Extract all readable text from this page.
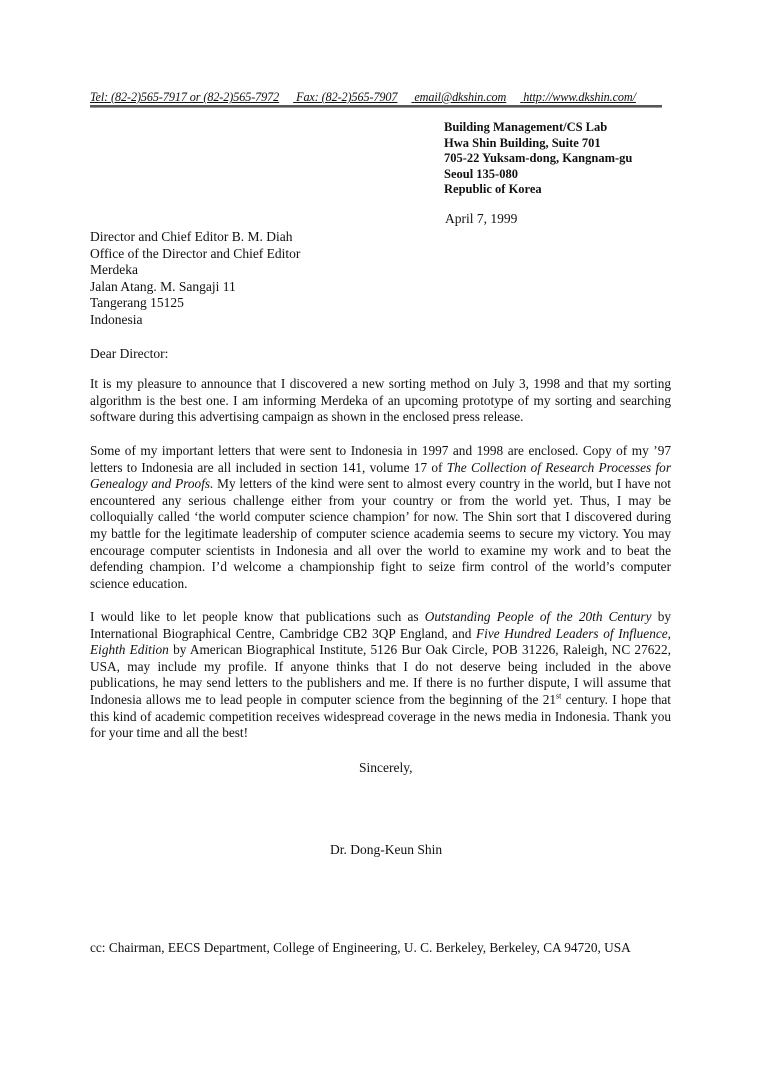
Tel: (82-2)565-7917 or (82-2)565-7972 Fax: (82-2)565-7907 email@dkshin.com http://www.dkshin.com/
Building Management/CS Lab
Hwa Shin Building, Suite 701
705-22 Yuksam-dong, Kangnam-gu
Seoul 135-080
Republic of Korea
April 7, 1999
Director and Chief Editor B. M. Diah
Office of the Director and Chief Editor
Merdeka
Jalan Atang. M. Sangaji 11
Tangerang 15125
Indonesia
Dear Director:
It is my pleasure to announce that I discovered a new sorting method on July 3, 1998 and that my sorting algorithm is the best one. I am informing Merdeka of an upcoming prototype of my sorting and searching software during this advertising campaign as shown in the enclosed press release.
Some of my important letters that were sent to Indonesia in 1997 and 1998 are enclosed. Copy of my ’97 letters to Indonesia are all included in section 141, volume 17 of The Collection of Research Processes for Genealogy and Proofs. My letters of the kind were sent to almost every country in the world, but I have not encountered any serious challenge either from your country or from the world yet. Thus, I may be colloquially called ‘the world computer science champion’ for now. The Shin sort that I discovered during my battle for the legitimate leadership of computer science academia seems to secure my victory. You may encourage computer scientists in Indonesia and all over the world to examine my work and to beat the defending champion. I’d welcome a championship fight to seize firm control of the world’s computer science education.
I would like to let people know that publications such as Outstanding People of the 20th Century by International Biographical Centre, Cambridge CB2 3QP England, and Five Hundred Leaders of Influence, Eighth Edition by American Biographical Institute, 5126 Bur Oak Circle, POB 31226, Raleigh, NC 27622, USA, may include my profile. If anyone thinks that I do not deserve being included in the above publications, he may send letters to the publishers and me. If there is no further dispute, I will assume that Indonesia allows me to lead people in computer science from the beginning of the 21st century. I hope that this kind of academic competition receives widespread coverage in the news media in Indonesia. Thank you for your time and all the best!
Sincerely,
Dr. Dong-Keun Shin
cc: Chairman, EECS Department, College of Engineering, U. C. Berkeley, Berkeley, CA 94720, USA
